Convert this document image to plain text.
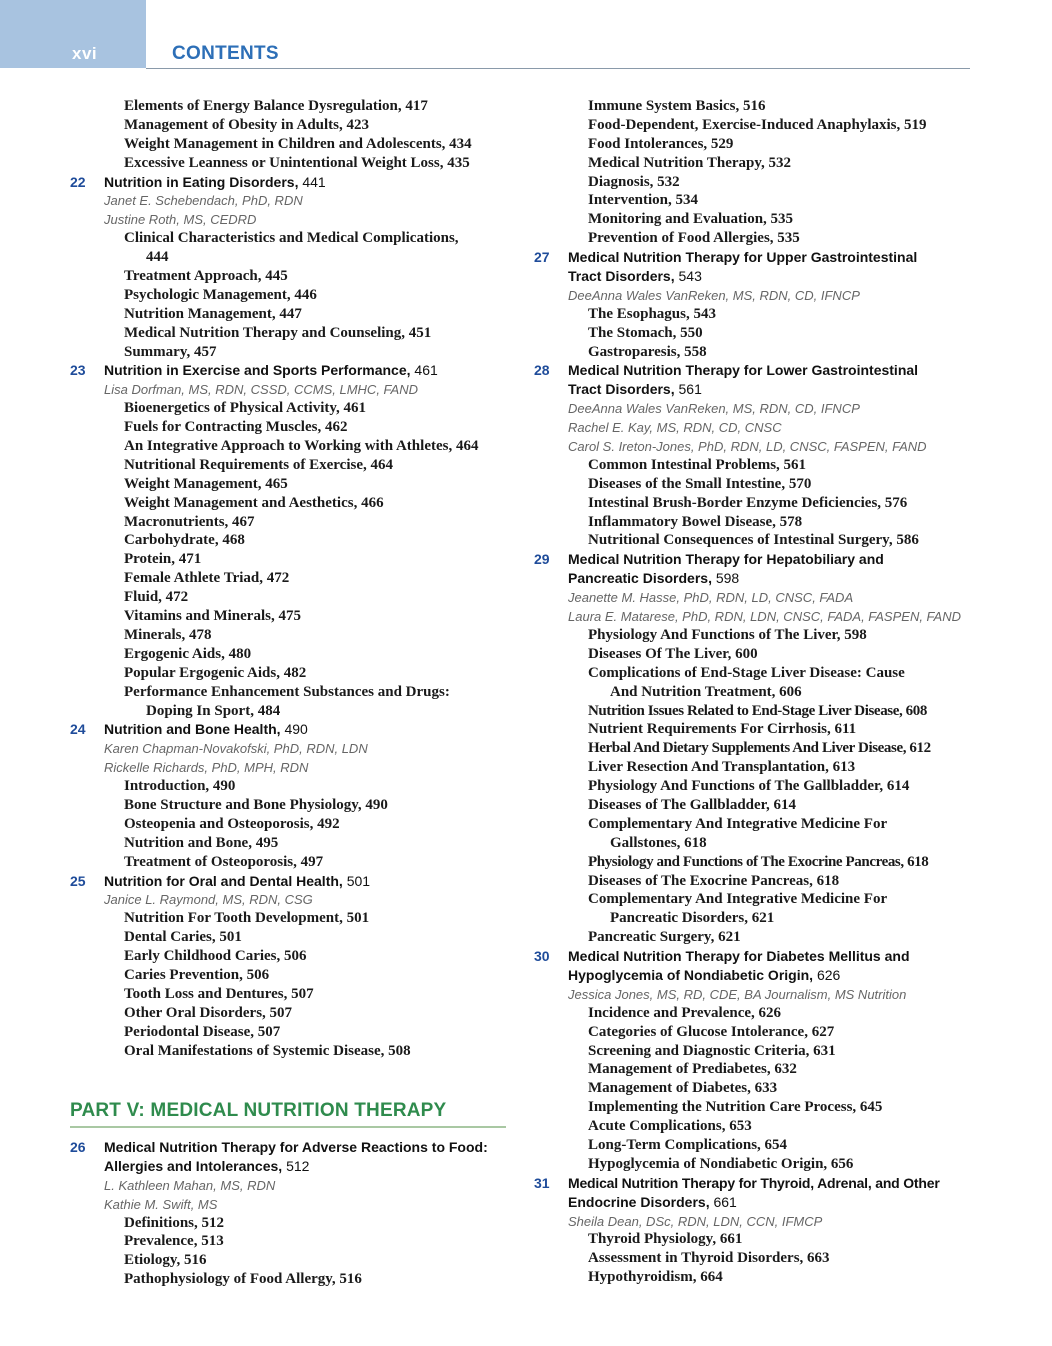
xvi	CONTENTS
Elements of Energy Balance Dysregulation, 417
Management of Obesity in Adults, 423
Weight Management in Children and Adolescents, 434
Excessive Leanness or Unintentional Weight Loss, 435
22	Nutrition in Eating Disorders, 441
Janet E. Schebendach, PhD, RDN
Justine Roth, MS, CEDRD
Clinical Characteristics and Medical Complications,
444
Treatment Approach, 445
Psychologic Management, 446
Nutrition Management, 447
Medical Nutrition Therapy and Counseling, 451
Summary, 457
23	Nutrition in Exercise and Sports Performance, 461
Lisa Dorfman, MS, RDN, CSSD, CCMS, LMHC, FAND
Bioenergetics of Physical Activity, 461
Fuels for Contracting Muscles, 462
An Integrative Approach to Working with Athletes, 464
Nutritional Requirements of Exercise, 464
Weight Management, 465
Weight Management and Aesthetics, 466
Macronutrients, 467
Carbohydrate, 468
Protein, 471
Female Athlete Triad, 472
Fluid, 472
Vitamins and Minerals, 475
Minerals, 478
Ergogenic Aids, 480
Popular Ergogenic Aids, 482
Performance Enhancement Substances and Drugs:
Doping In Sport, 484
24	Nutrition and Bone Health, 490
Karen Chapman-Novakofski, PhD, RDN, LDN
Rickelle Richards, PhD, MPH, RDN
Introduction, 490
Bone Structure and Bone Physiology, 490
Osteopenia and Osteoporosis, 492
Nutrition and Bone, 495
Treatment of Osteoporosis, 497
25	Nutrition for Oral and Dental Health, 501
Janice L. Raymond, MS, RDN, CSG
Nutrition For Tooth Development, 501
Dental Caries, 501
Early Childhood Caries, 506
Caries Prevention, 506
Tooth Loss and Dentures, 507
Other Oral Disorders, 507
Periodontal Disease, 507
Oral Manifestations of Systemic Disease, 508
PART V: MEDICAL NUTRITION THERAPY
26	Medical Nutrition Therapy for Adverse Reactions to Food:
Allergies and Intolerances, 512
L. Kathleen Mahan, MS, RDN
Kathie M. Swift, MS
Definitions, 512
Prevalence, 513
Etiology, 516
Pathophysiology of Food Allergy, 516
Immune System Basics, 516
Food-Dependent, Exercise-Induced Anaphylaxis, 519
Food Intolerances, 529
Medical Nutrition Therapy, 532
Diagnosis, 532
Intervention, 534
Monitoring and Evaluation, 535
Prevention of Food Allergies, 535
27	Medical Nutrition Therapy for Upper Gastrointestinal
Tract Disorders, 543
DeeAnna Wales VanReken, MS, RDN, CD, IFNCP
The Esophagus, 543
The Stomach, 550
Gastroparesis, 558
28	Medical Nutrition Therapy for Lower Gastrointestinal
Tract Disorders, 561
DeeAnna Wales VanReken, MS, RDN, CD, IFNCP
Rachel E. Kay, MS, RDN, CD, CNSC
Carol S. Ireton-Jones, PhD, RDN, LD, CNSC, FASPEN, FAND
Common Intestinal Problems, 561
Diseases of the Small Intestine, 570
Intestinal Brush-Border Enzyme Deficiencies, 576
Inflammatory Bowel Disease, 578
Nutritional Consequences of Intestinal Surgery, 586
29	Medical Nutrition Therapy for Hepatobiliary and
Pancreatic Disorders, 598
Jeanette M. Hasse, PhD, RDN, LD, CNSC, FADA
Laura E. Matarese, PhD, RDN, LDN, CNSC, FADA, FASPEN, FAND
Physiology And Functions of The Liver, 598
Diseases Of The Liver, 600
Complications of End-Stage Liver Disease: Cause
And Nutrition Treatment, 606
Nutrition Issues Related to End-Stage Liver Disease, 608
Nutrient Requirements For Cirrhosis, 611
Herbal And Dietary Supplements And Liver Disease, 612
Liver Resection And Transplantation, 613
Physiology And Functions of The Gallbladder, 614
Diseases of The Gallbladder, 614
Complementary And Integrative Medicine For
Gallstones, 618
Physiology and Functions of The Exocrine Pancreas, 618
Diseases of The Exocrine Pancreas, 618
Complementary And Integrative Medicine For
Pancreatic Disorders, 621
Pancreatic Surgery, 621
30	Medical Nutrition Therapy for Diabetes Mellitus and
Hypoglycemia of Nondiabetic Origin, 626
Jessica Jones, MS, RD, CDE, BA Journalism, MS Nutrition
Incidence and Prevalence, 626
Categories of Glucose Intolerance, 627
Screening and Diagnostic Criteria, 631
Management of Prediabetes, 632
Management of Diabetes, 633
Implementing the Nutrition Care Process, 645
Acute Complications, 653
Long-Term Complications, 654
Hypoglycemia of Nondiabetic Origin, 656
31	Medical Nutrition Therapy for Thyroid, Adrenal, and Other
Endocrine Disorders, 661
Sheila Dean, DSc, RDN, LDN, CCN, IFMCP
Thyroid Physiology, 661
Assessment in Thyroid Disorders, 663
Hypothyroidism, 664
